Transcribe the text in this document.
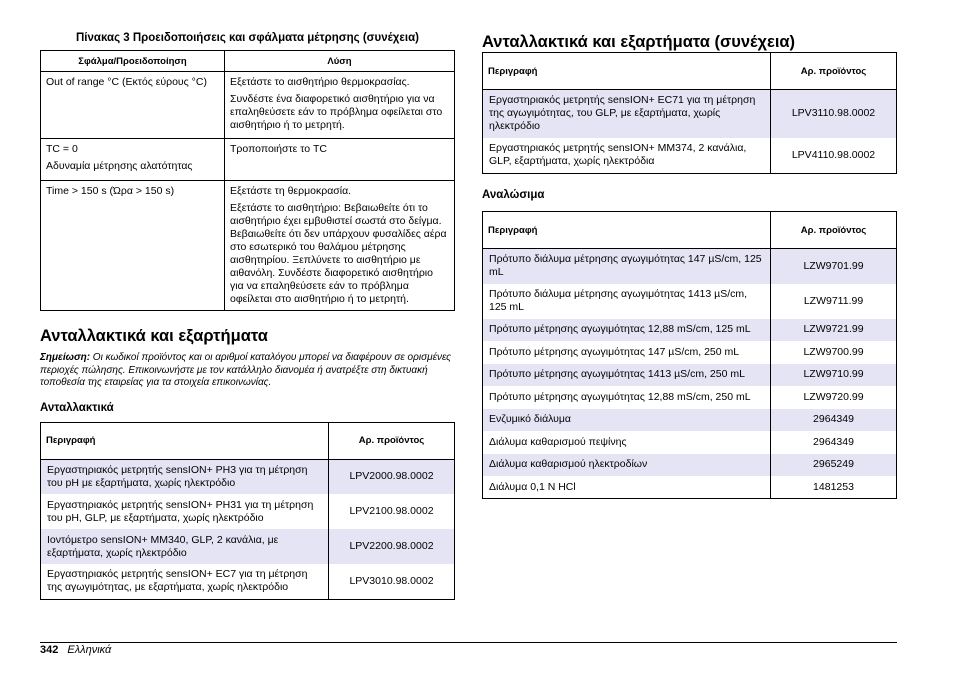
Πίνακας 3 Προειδοποιήσεις και σφάλματα μέτρησης (συνέχεια)
Σφάλμα/Προειδοποίηση	Λύση

Out of range °C (Εκτός εύρους °C)	Εξετάστε το αισθητήριο θερμοκρασίας.

Συνδέστε ένα διαφορετικό αισθητήριο για να επαληθεύσετε εάν το πρόβλημα οφείλεται στο αισθητήριο ή το μετρητή.

TC = 0

Αδυναμία μέτρησης αλατότητας	Τροποποιήστε το TC

Time > 150 s (Ώρα > 150 s)	Εξετάστε τη θερμοκρασία.

Εξετάστε το αισθητήριο: Βεβαιωθείτε ότι το αισθητήριο έχει εμβυθιστεί σωστά στο δείγμα. Βεβαιωθείτε ότι δεν υπάρχουν φυσαλίδες αέρα στο εσωτερικό του θαλάμου μέτρησης αισθητηρίου. Ξεπλύνετε το αισθητήριο με αιθανόλη. Συνδέστε διαφορετικό αισθητήριο για να επαληθεύσετε εάν το πρόβλημα οφείλεται στο αισθητήριο ή το μετρητή.

Ανταλλακτικά και εξαρτήματα

Σημείωση: Οι κωδικοί προϊόντος και οι αριθμοί καταλόγου μπορεί να διαφέρουν σε ορισμένες περιοχές πώλησης. Επικοινωνήστε με τον κατάλληλο διανομέα ή ανατρέξτε στη δικτυακή τοποθεσία της εταιρείας για τα στοιχεία επικοινωνίας.

Ανταλλακτικά
Περιγραφή	Αρ. προϊόντος
Εργαστηριακός μετρητής sensION+ PH3 για τη μέτρηση του pH με εξαρτήματα, χωρίς ηλεκτρόδιο	LPV2000.98.0002
Εργαστηριακός μετρητής sensION+ PH31 για τη μέτρηση του pH, GLP, με εξαρτήματα, χωρίς ηλεκτρόδιο	LPV2100.98.0002
Ιοντόμετρο sensION+ MM340, GLP, 2 κανάλια, με εξαρτήματα, χωρίς ηλεκτρόδιο	LPV2200.98.0002
Εργαστηριακός μετρητής sensION+ EC7 για τη μέτρηση της αγωγιμότητας, με εξαρτήματα, χωρίς ηλεκτρόδιο	LPV3010.98.0002
Ανταλλακτικά και εξαρτήματα (συνέχεια)
Περιγραφή	Αρ. προϊόντος
Εργαστηριακός μετρητής sensION+ EC71 για τη μέτρηση της αγωγιμότητας, του GLP, με εξαρτήματα, χωρίς ηλεκτρόδιο	LPV3110.98.0002
Εργαστηριακός μετρητής sensION+ MM374, 2 κανάλια, GLP, εξαρτήματα, χωρίς ηλεκτρόδια	LPV4110.98.0002
Αναλώσιμα
Περιγραφή	Αρ. προϊόντος
Πρότυπο διάλυμα μέτρησης αγωγιμότητας 147 µS/cm, 125 mL	LZW9701.99
Πρότυπο διάλυμα μέτρησης αγωγιμότητας 1413 µS/cm, 125 mL	LZW9711.99
Πρότυπο μέτρησης αγωγιμότητας 12,88 mS/cm, 125 mL	LZW9721.99
Πρότυπο μέτρησης αγωγιμότητας 147 µS/cm, 250 mL	LZW9700.99
Πρότυπο μέτρησης αγωγιμότητας 1413 µS/cm, 250 mL	LZW9710.99
Πρότυπο μέτρησης αγωγιμότητας 12,88 mS/cm, 250 mL	LZW9720.99
Ενζυμικό διάλυμα	2964349
Διάλυμα καθαρισμού πεψίνης	2964349
Διάλυμα καθαρισμού ηλεκτροδίων	2965249
Διάλυμα 0,1 N HCl	1481253
342 Ελληνικά
